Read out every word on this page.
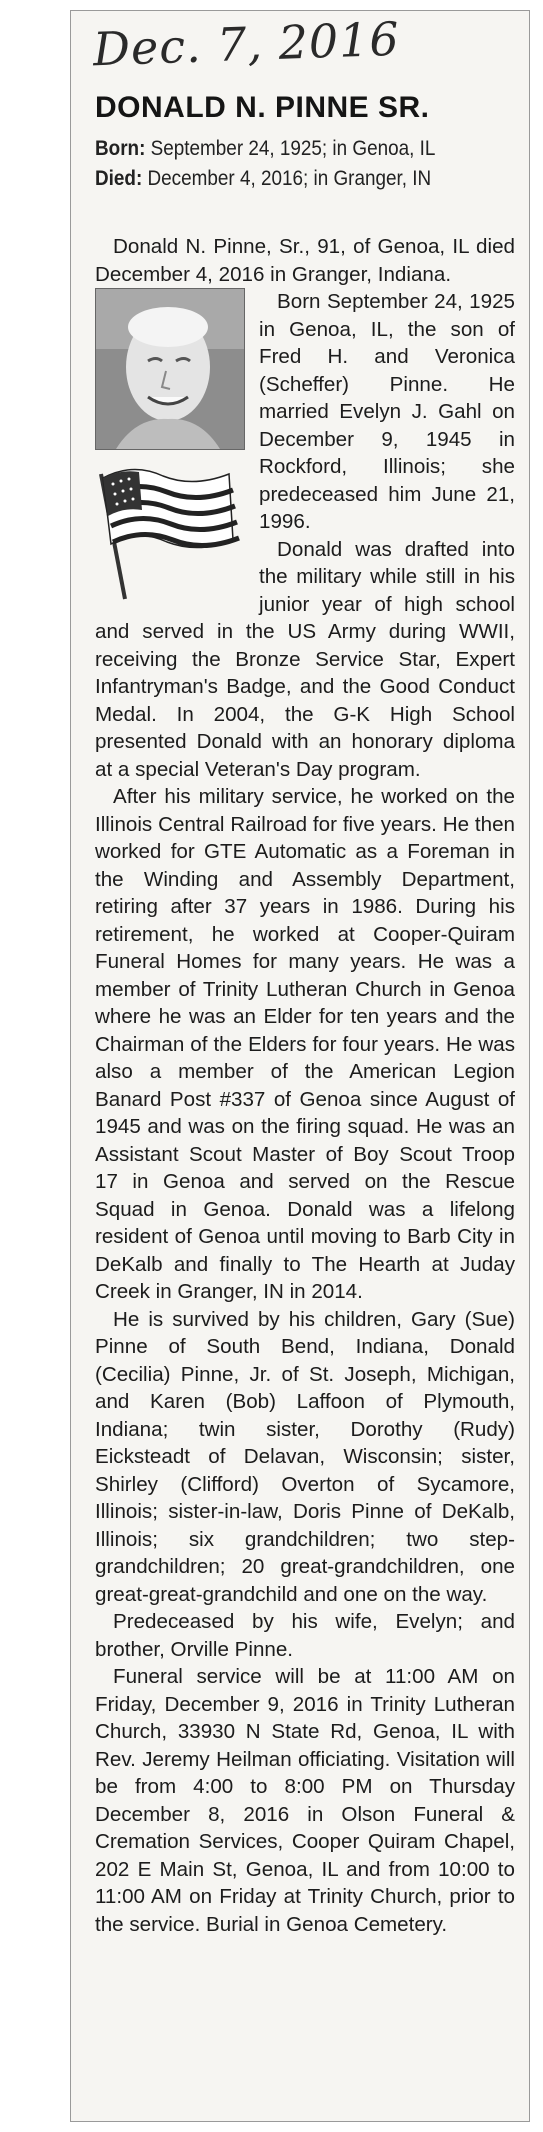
Dec. 7, 2016

DONALD N. PINNE SR.

Born: September 24, 1925; in Genoa, IL

Died: December 4, 2016; in Granger, IN

Donald N. Pinne, Sr., 91, of Genoa, IL died December 4, 2016 in Granger, Indiana.

Born September 24, 1925 in Genoa, IL, the son of Fred H. and Veronica (Scheffer) Pinne. He married Evelyn J. Gahl on December 9, 1945 in Rockford, Illinois; she predeceased him June 21, 1996.

Donald was drafted into the military while still in his junior year of high school and served in the US Army during WWII, receiving the Bronze Service Star, Expert Infantryman's Badge, and the Good Conduct Medal. In 2004, the G-K High School presented Donald with an honorary diploma at a special Veteran's Day program.

After his military service, he worked on the Illinois Central Railroad for five years. He then worked for GTE Automatic as a Foreman in the Winding and Assembly Department, retiring after 37 years in 1986. During his retirement, he worked at Cooper-Quiram Funeral Homes for many years. He was a member of Trinity Lutheran Church in Genoa where he was an Elder for ten years and the Chairman of the Elders for four years. He was also a member of the American Legion Banard Post #337 of Genoa since August of 1945 and was on the firing squad. He was an Assistant Scout Master of Boy Scout Troop 17 in Genoa and served on the Rescue Squad in Genoa. Donald was a lifelong resident of Genoa until moving to Barb City in DeKalb and finally to The Hearth at Juday Creek in Granger, IN in 2014.

He is survived by his children, Gary (Sue) Pinne of South Bend, Indiana, Donald (Cecilia) Pinne, Jr. of St. Joseph, Michigan, and Karen (Bob) Laffoon of Plymouth, Indiana; twin sister, Dorothy (Rudy) Eicksteadt of Delavan, Wisconsin; sister, Shirley (Clifford) Overton of Sycamore, Illinois; sister-in-law, Doris Pinne of DeKalb, Illinois; six grandchildren; two step-grandchildren; 20 great-grandchildren, one great-great-grandchild and one on the way.

Predeceased by his wife, Evelyn; and brother, Orville Pinne.

Funeral service will be at 11:00 AM on Friday, December 9, 2016 in Trinity Lutheran Church, 33930 N State Rd, Genoa, IL with Rev. Jeremy Heilman officiating. Visitation will be from 4:00 to 8:00 PM on Thursday December 8, 2016 in Olson Funeral & Cremation Services, Cooper Quiram Chapel, 202 E Main St, Genoa, IL and from 10:00 to 11:00 AM on Friday at Trinity Church, prior to the service. Burial in Genoa Cemetery.
